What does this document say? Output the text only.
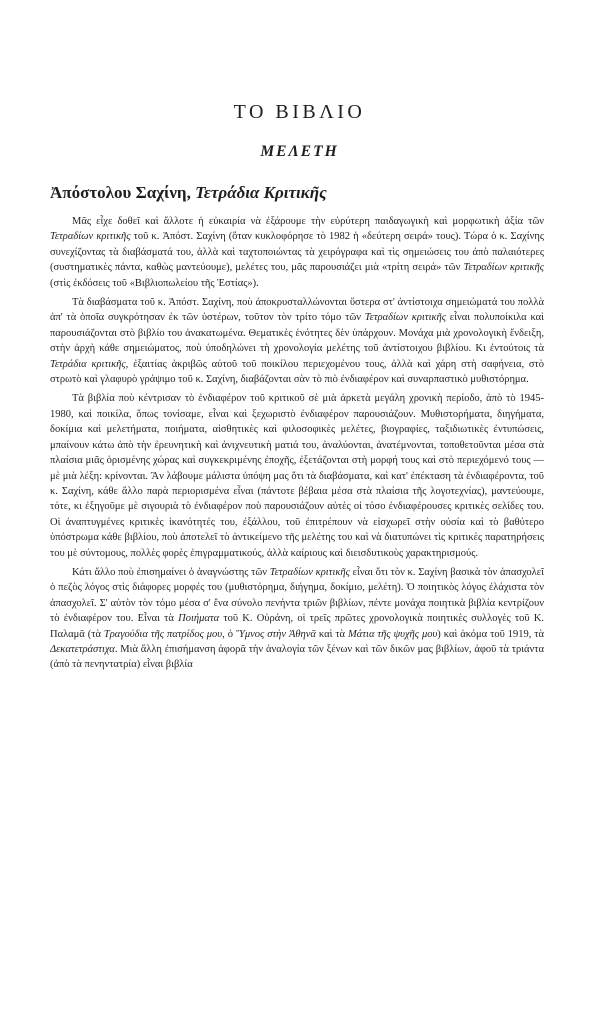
ΤΟ ΒΙΒΛΙΟ
ΜΕΛΕΤΗ
Ἀπόστολου Σαχίνη, Τετράδια Κριτικῆς

Μᾶς εἶχε δοθεῖ καὶ ἄλλοτε ἡ εὐκαιρία νὰ ἐξάρουμε τὴν εὐρύτερη παιδαγωγικὴ καὶ μορφωτικὴ ἀξία τῶν Τετραδίων κριτικῆς τοῦ κ. Ἀπόστ. Σαχίνη (ὅταν κυκλοφόρησε τὸ 1982 ἡ «δεύτερη σειρά» τους). Τώρα ὁ κ. Σαχίνης συνεχίζοντας τὰ διαβάσματά του, ἀλλὰ καὶ ταχτοποιώντας τὰ χειρόγραφα καὶ τὶς σημειώσεις του ἀπὸ παλαιότερες (συστηματικὲς πάντα, καθὼς μαντεύουμε), μελέτες του, μᾶς παρουσιάζει μιὰ «τρίτη σειρά» τῶν Τετραδίων κριτικῆς (στὶς ἐκδόσεις τοῦ «Βιβλιοπωλείου τῆς Ἑστίας»).

Τὰ διαβάσματα τοῦ κ. Ἀπόστ. Σαχίνη, ποὺ ἀποκρυσταλλώνονται ὕστερα στ' ἀντίστοιχα σημειώματά του πολλὰ ἀπ' τὰ ὁποῖα συγκρότησαν ἐκ τῶν ὑστέρων, τοῦτον τὸν τρίτο τόμο τῶν Τετραδίων κριτικῆς εἶναι πολυποίκιλα καὶ παρουσιάζονται στὸ βιβλίο του ἀνακατωμένα. Θεματικὲς ἑνότητες δὲν ὑπάρχουν. Μονάχα μιὰ χρονολογικὴ ἔνδειξη, στὴν ἀρχὴ κάθε σημειώματος, ποὺ ὑποδηλώνει τὴ χρονολογία μελέτης τοῦ ἀντίστοιχου βιβλίου. Κι ἐντούτοις τὰ Τετράδια κριτικῆς, ἐξαιτίας ἀκριβῶς αὐτοῦ τοῦ ποικίλου περιεχομένου τους, ἀλλὰ καὶ χάρη στὴ σαφήνεια, στὸ στρωτὸ καὶ γλαφυρὸ γράψιμο τοῦ κ. Σαχίνη, διαβάζονται σὰν τὸ πιὸ ἐνδιαφέρον καὶ συναρπαστικὸ μυθιστόρημα.

Τὰ βιβλία ποὺ κέντρισαν τὸ ἐνδιαφέρον τοῦ κριτικοῦ σὲ μιὰ ἀρκετὰ μεγάλη χρονικὴ περίοδο, ἀπὸ τὸ 1945-1980, καὶ ποικίλα, ὅπως τονίσαμε, εἶναι καὶ ξεχωριστὸ ἐνδιαφέρον παρουσιάζουν. Μυθιστορήματα, διηγήματα, δοκίμια καὶ μελετήματα, ποιήματα, αἰσθητικὲς καὶ φιλοσοφικὲς μελέτες, βιογραφίες, ταξιδιωτικὲς ἐντυπώσεις, μπαίνουν κάτω ἀπὸ τὴν ἐρευνητικὴ καὶ ἀνιχνευτικὴ ματιά του, ἀναλύονται, ἀνατέμνονται, τοποθετοῦνται μέσα στὰ πλαίσια μιᾶς ὁρισμένης χώρας καὶ συγκεκριμένης ἐποχῆς, ἐξετάζονται στὴ μορφή τους καὶ στὸ περιεχόμενό τους — μὲ μιὰ λέξη: κρίνονται. Ἂν λάβουμε μάλιστα ὑπόψη μας ὅτι τὰ διαβάσματα, καὶ κατ' ἐπέκταση τὰ ἐνδιαφέροντα, τοῦ κ. Σαχίνη, κάθε ἄλλο παρὰ περιορισμένα εἶναι (πάντοτε βέβαια μέσα στὰ πλαίσια τῆς λογοτεχνίας), μαντεύουμε, τότε, κι ἐξηγοῦμε μὲ σιγουριὰ τὸ ἐνδιαφέρον ποὺ παρουσιάζουν αὐτὲς οἱ τόσο ἐνδιαφέρουσες κριτικὲς σελίδες του. Οἱ ἀναπτυγμένες κριτικὲς ἱκανότητές του, ἐξάλλου, τοῦ ἐπιτρέπουν νὰ εἰσχωρεῖ στὴν οὐσία καὶ τὸ βαθύτερο ὑπόστρωμα κάθε βιβλίου, ποὺ ἀποτελεῖ τὸ ἀντικείμενο τῆς μελέτης του καὶ νὰ διατυπώνει τὶς κριτικὲς παρατηρήσεις του μὲ σύντομους, πολλὲς φορὲς ἐπιγραμματικούς, ἀλλὰ καίριους καὶ διεισδυτικοὺς χαρακτηρισμούς.

Κάτι ἄλλο ποὺ ἐπισημαίνει ὁ ἀναγνώστης τῶν Τετραδίων κριτικῆς εἶναι ὅτι τὸν κ. Σαχίνη βασικὰ τὸν ἀπασχολεῖ ὁ πεζὸς λόγος στὶς διάφορες μορφές του (μυθιστόρημα, διήγημα, δοκίμιο, μελέτη). Ὁ ποιητικὸς λόγος ἐλάχιστα τὸν ἀπασχολεῖ. Σ' αὐτὸν τὸν τόμο μέσα σ' ἕνα σύνολο πενήντα τριῶν βιβλίων, πέντε μονάχα ποιητικὰ βιβλία κεντρίζουν τὸ ἐνδιαφέρον του. Εἶναι τὰ Ποιήματα τοῦ Κ. Οὐράνη, οἱ τρεῖς πρῶτες χρονολογικὰ ποιητικὲς συλλογὲς τοῦ Κ. Παλαμᾶ (τὰ Τραγούδια τῆς πατρίδος μου, ὁ Ὕμνος στὴν Ἀθηνᾶ καὶ τὰ Μάτια τῆς ψυχῆς μου) καὶ ἀκόμα τοῦ 1919, τὰ Δεκατετράστιχα. Μιὰ ἄλλη ἐπισήμανση ἀφορᾶ τὴν ἀναλογία τῶν ξένων καὶ τῶν δικῶν μας βιβλίων, ἀφοῦ τὰ τριάντα (ἀπὸ τὰ πενηντατρία) εἶναι βιβλία
